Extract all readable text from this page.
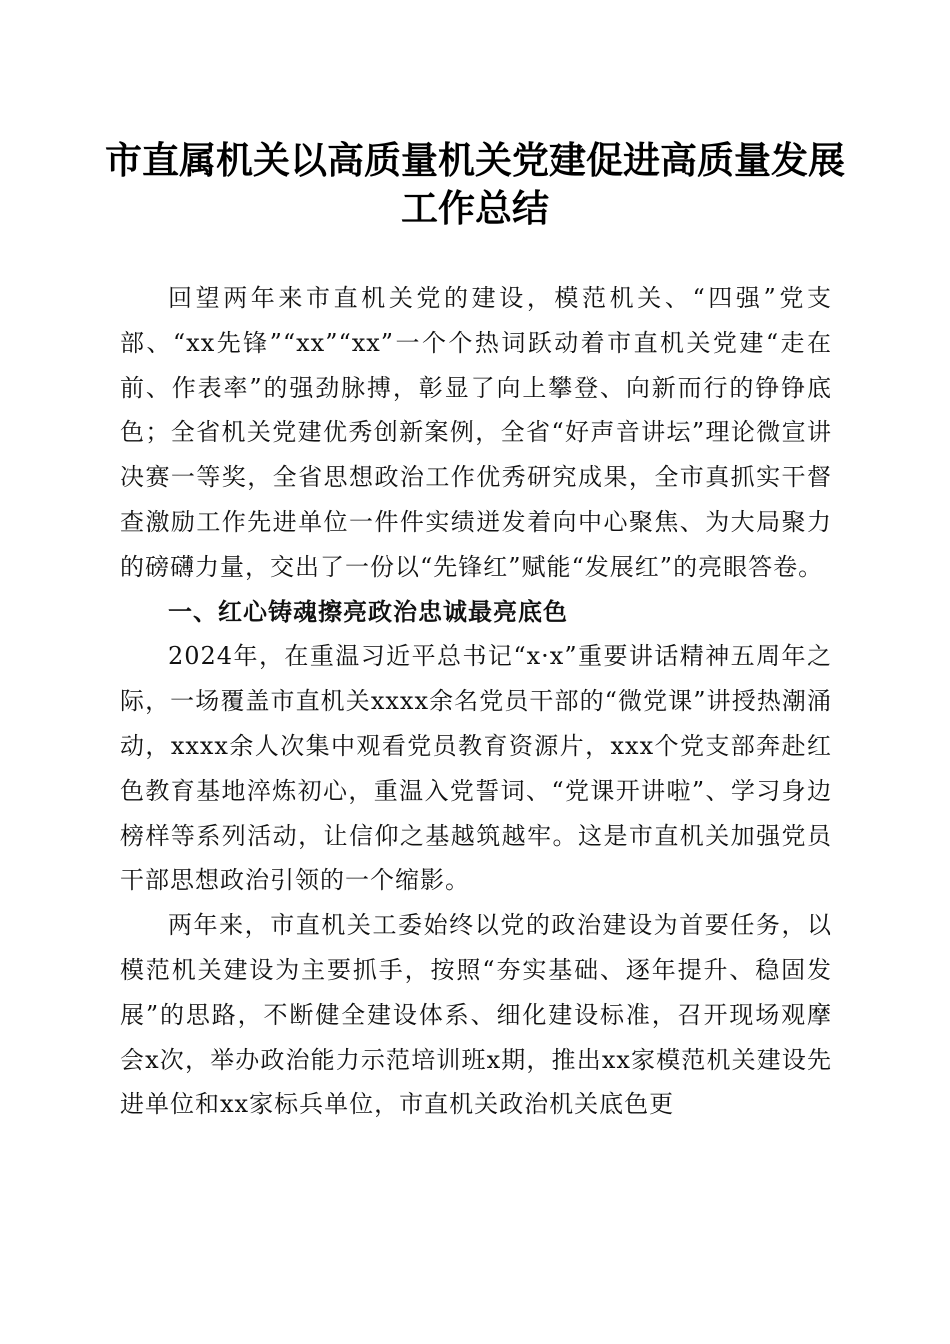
市直属机关以高质量机关党建促进高质量发展
工作总结

回望两年来市直机关党的建设，模范机关、“四强”党支部、“xx先锋”“xx”“xx”一个个热词跃动着市直机关党建“走在前、作表率”的强劲脉搏，彰显了向上攀登、向新而行的铮铮底色；全省机关党建优秀创新案例，全省“好声音讲坛”理论微宣讲决赛一等奖，全省思想政治工作优秀研究成果，全市真抓实干督查激励工作先进单位一件件实绩迸发着向中心聚焦、为大局聚力的磅礴力量，交出了一份以“先锋红”赋能“发展红”的亮眼答卷。

一、红心铸魂擦亮政治忠诚最亮底色

2024年，在重温习近平总书记“x·x”重要讲话精神五周年之际，一场覆盖市直机关xxxx余名党员干部的“微党课”讲授热潮涌动，xxxx余人次集中观看党员教育资源片，xxx个党支部奔赴红色教育基地淬炼初心，重温入党誓词、“党课开讲啦”、学习身边榜样等系列活动，让信仰之基越筑越牢。这是市直机关加强党员干部思想政治引领的一个缩影。

两年来，市直机关工委始终以党的政治建设为首要任务，以模范机关建设为主要抓手，按照“夯实基础、逐年提升、稳固发展”的思路，不断健全建设体系、细化建设标准，召开现场观摩会x次，举办政治能力示范培训班x期，推出xx家模范机关建设先进单位和xx家标兵单位，市直机关政治机关底色更
